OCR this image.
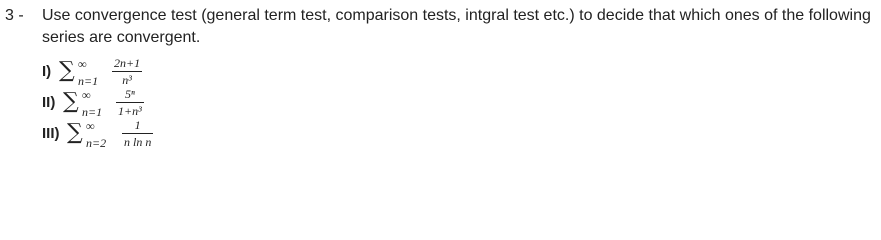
3 - Use convergence test (general term test, comparison tests, intgral test etc.) to decide that which ones of the following series are convergent.
I) ∑ ∞
n=1
2n+1
n³
II) ∑ ∞
n=1
5ⁿ
1+n³
III) ∑ ∞
n=2
1
n ln n
